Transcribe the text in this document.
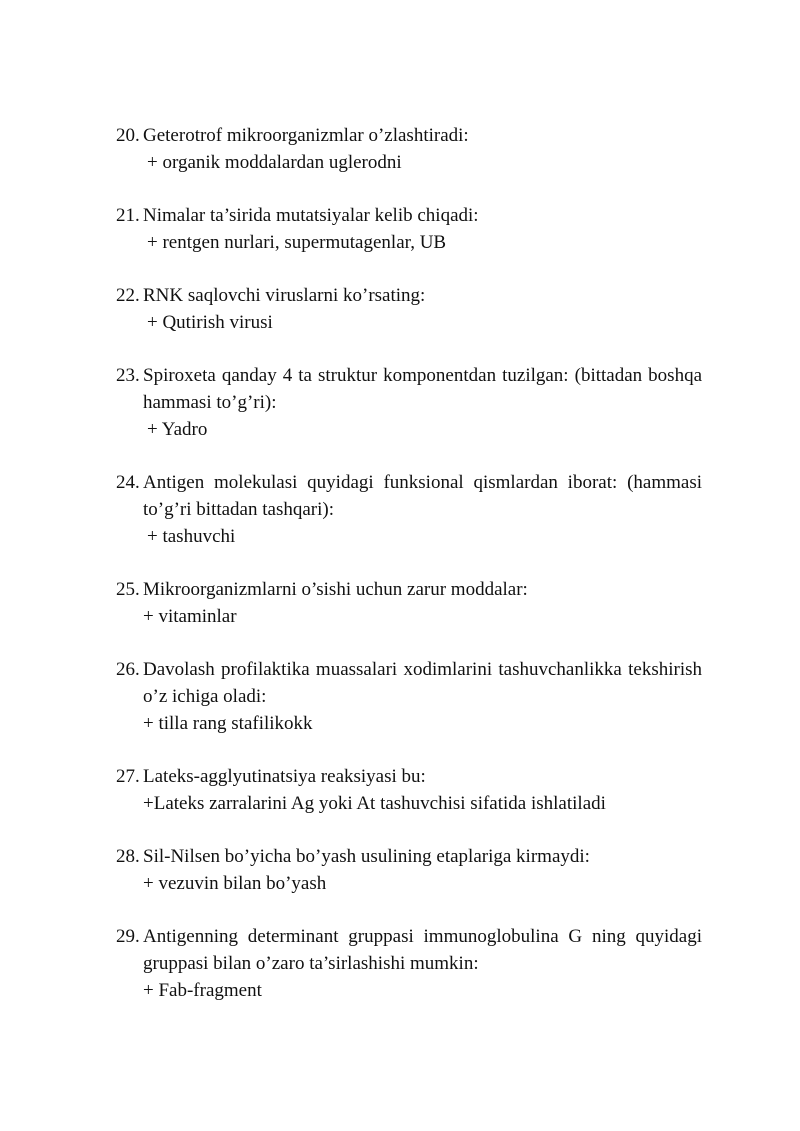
20. Geterotrof mikroorganizmlar o’zlashtiradi:
+ organik moddalardan uglerodni
21. Nimalar ta’sirida mutatsiyalar kelib chiqadi:
+ rentgen nurlari, supermutagenlar, UB
22. RNK saqlovchi viruslarni ko’rsating:
+ Qutirish virusi
23. Spiroxeta qanday 4 ta struktur komponentdan tuzilgan: (bittadan boshqa hammasi to’g’ri):
+ Yadro
24. Antigen molekulasi quyidagi funksional qismlardan iborat: (hammasi to’g’ri bittadan tashqari):
+ tashuvchi
25. Mikroorganizmlarni o’sishi uchun zarur moddalar:
+ vitaminlar
26. Davolash profilaktika muassalari xodimlarini tashuvchanlikka tekshirish o’z ichiga oladi:
+ tilla rang stafilikokk
27. Lateks-agglyutinatsiya reaksiyasi bu:
+Lateks zarralarini Ag yoki At tashuvchisi sifatida ishlatiladi
28. Sil-Nilsen bo’yicha bo’yash usulining etaplariga kirmaydi:
+ vezuvin bilan bo’yash
29. Antigenning determinant gruppasi immunoglobulina G ning quyidagi gruppasi bilan o’zaro ta’sirlashishi mumkin:
+ Fab-fragment
